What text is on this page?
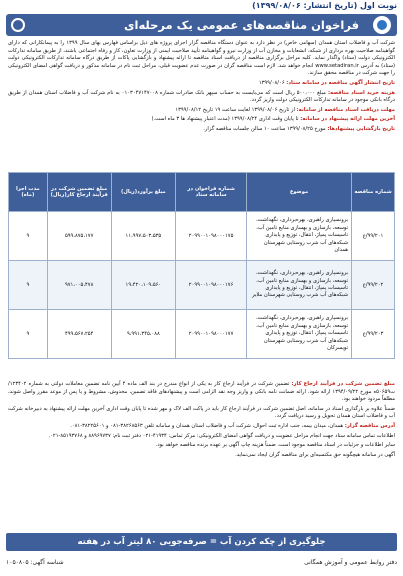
نوبت اول (تاریخ انتشار: ۱۳۹۹/۰۸/۰۶)
فراخوان مناقصه‌های عمومی یک مرحله‌ای

شرکت آب و فاضلاب استان همدان (سهامی خاص) در نظر دارد به عنوان دستگاه مناقصه گزار اجرای پروژه های ذیل براساس فهارس بهای سال ۱۳۹۹ را به پیمانکارانی که دارای گواهینامه صلاحیت بهره برداری از شبکه، انشعابات و مخازن آب از وزارت نیرو و گواهینامه تأیید صلاحیت ایمنی از وزارت تعاون، کار و رفاه اجتماعی باشند، از طریق سامانه تدارکات الکترونیکی دولت (ستاد) واگذار نماید. کلیه مراحل برگزاری مناقصه از دریافت اسناد مناقصه تا ارائه پیشنهاد و بازگشایی پاکات از طریق درگاه سامانه تدارکات الکترونیکی دولت (ستاد) به آدرس www.setadiran.ir انجام خواهد شد. لازم است مناقصه گران در صورت عدم عضویت قبلی، مراحل ثبت نام در سامانه مذکور و دریافت گواهی امضای الکترونیکی را جهت شرکت در مناقصه محقق سازند.

تاریخ انتشار آگهی مناقصه در سامانه ستاد: ۱۳۹۹/۰۸/۰۶

هزینه خرید اسناد مناقصه: مبلغ ۵۰۰،۰۰۰ ریال است که می‌بایست به حساب سپهر بانک صادرات شماره ۰۱۰۳۰۴۷۱۴۷۰۰۸ به نام شرکت آب و فاضلاب استان همدان از طریق درگاه بانکی موجود در سامانه تدارکات الکترونیکی دولت واریز گردد.

مهلت دریافت اسناد مناقصه از سامانه: از تاریخ ۱۳۹۹/۰۸/۰۶ لغایت ساعت ۱۹ تاریخ ۱۳۹۹/۰۸/۱۲

آخرین مهلت ارائه پیشنهاد در سامانه: تا پایان وقت اداری ۱۳۹۹/۰۸/۲۴ (مدت اعتبار پیشنهاد ها ۳ ماه است.)

تاریخ بازگشایی پیشنهادها: مورخ ۱۳۹۹/۰۸/۲۵ ساعت ۱۰ سالن جلسات مناقصه گزار.

شماره مناقصه	موضوع	شماره فراخوان در سامانه ستاد	مبلغ برآورد(ریال)	مبلغ تضمین شرکت در فرآیند ارجاع کار(ریال)	مدت اجرا (ماه)
۹۹/۲۰۱/ع	برونسپاری راهبری، بهره‌برداری، نگهداشت، توسعه، بازسازی و بهسازی منابع تامین آب، تاسیسات پمپاژ، انتقال، توزیع و پایداری شبکه‌های آب شرب روستایی شهرستان همدان	۲۰۹۹۰۰۱۰۹۸۰۰۰۱۷۵	۱۱،۹۹۷،۵۰۳،۵۳۵	۵۹۹،۸۷۵،۱۷۷	۹
۹۹/۲۰۲/ع	برونسپاری راهبری، بهره‌برداری، نگهداشت، توسعه، بازسازی و بهسازی منابع تامین آب، تاسیسات پمپاژ، انتقال، توزیع و پایداری شبکه‌های آب شرب روستایی شهرستان ملایر	۲۰۹۹۰۰۱۰۹۸۰۰۰۱۷۶	۱۹،۴۲۰،۱۰۹،۵۶۰	۹۷۱،۰۰۵،۴۷۸	۹
۹۹/۲۰۳/ع	برونسپاری راهبری، بهره‌برداری، نگهداشت، توسعه، بازسازی و بهسازی منابع تامین آب، تاسیسات پمپاژ، انتقال، توزیع و پایداری شبکه‌های آب شرب روستایی شهرستان تویسرکان	۲۰۹۹۰۰۱۰۹۸۰۰۰۱۷۷	۹،۹۹۱،۳۴۵،۰۸۸	۴۹۹،۵۶۷،۲۵۴	۹

مبلغ تضمین شرکت در فرآیند ارجاع کار: تضمین شرکت در فرآیند ارجاع کار به یکی از انواع مندرج در بند الف ماده ۴ آیین نامه تضمین معاملات دولتی به شماره ۱۲۳۴۰۲/ت۵۰۶۵۹ه مورخ ۱۳۹۴/۰۹/۲۲ ارائه شود. ارائه ضمانت نامه بانکی و واریز وجه نقد الزامی است و پیشنهادهای فاقد تضمین، مخدوش، مشروط و یا پس از موعد مقرر واصل شوند، مطلقاً مردود خواهند بود.

ضمناً علاوه بر بارگذاری اسناد در سامانه، اصل تضمین شرکت در فرآیند ارجاع کار باید در پاکت الف لاک و مهر شده تا پایان وقت اداری آخرین مهلت ارائه پیشنهاد به دبیرخانه شرکت آب و فاضلاب استان همدان تحویل و رسید دریافت گردد.

آدرس مناقصه گزار: همدان، میدان بیمه، جنب اداره ثبت احوال، شرکت آب و فاضلاب استان همدان و سامانه تلفن ۳۸۲۶۸۵۶۳-۰۸۱ و ۳۸۲۲۵۶۰۱-۰۸۱.

اطلاعات تماس سامانه ستاد جهت انجام مراحل عضویت و دریافت گواهی امضای الکترونیکی: مرکز تماس: ۴۱۹۳۴-۰۲۱ دفتر ثبت نام: ۸۸۹۶۹۷۳۷ و ۸۵۱۹۳۷۶۸-۰۲۱.

سایر اطلاعات و جزئیات در اسناد مناقصه موجود است. ضمناً هزینه چاپ آگهی بر عهده برنده مناقصه خواهد بود.

آگهی در سامانه هیچگونه حق مکتسبه‌ای برای مناقصه گران ایجاد نمی‌نماید.

جلوگیری از چکه کردن آب = صرفه‌جویی ۸۰ لیتر آب در هفته
دفتر روابط عمومی و آموزش همگانی
شناسه آگهی: ۱۰۵۰۸۰۵
